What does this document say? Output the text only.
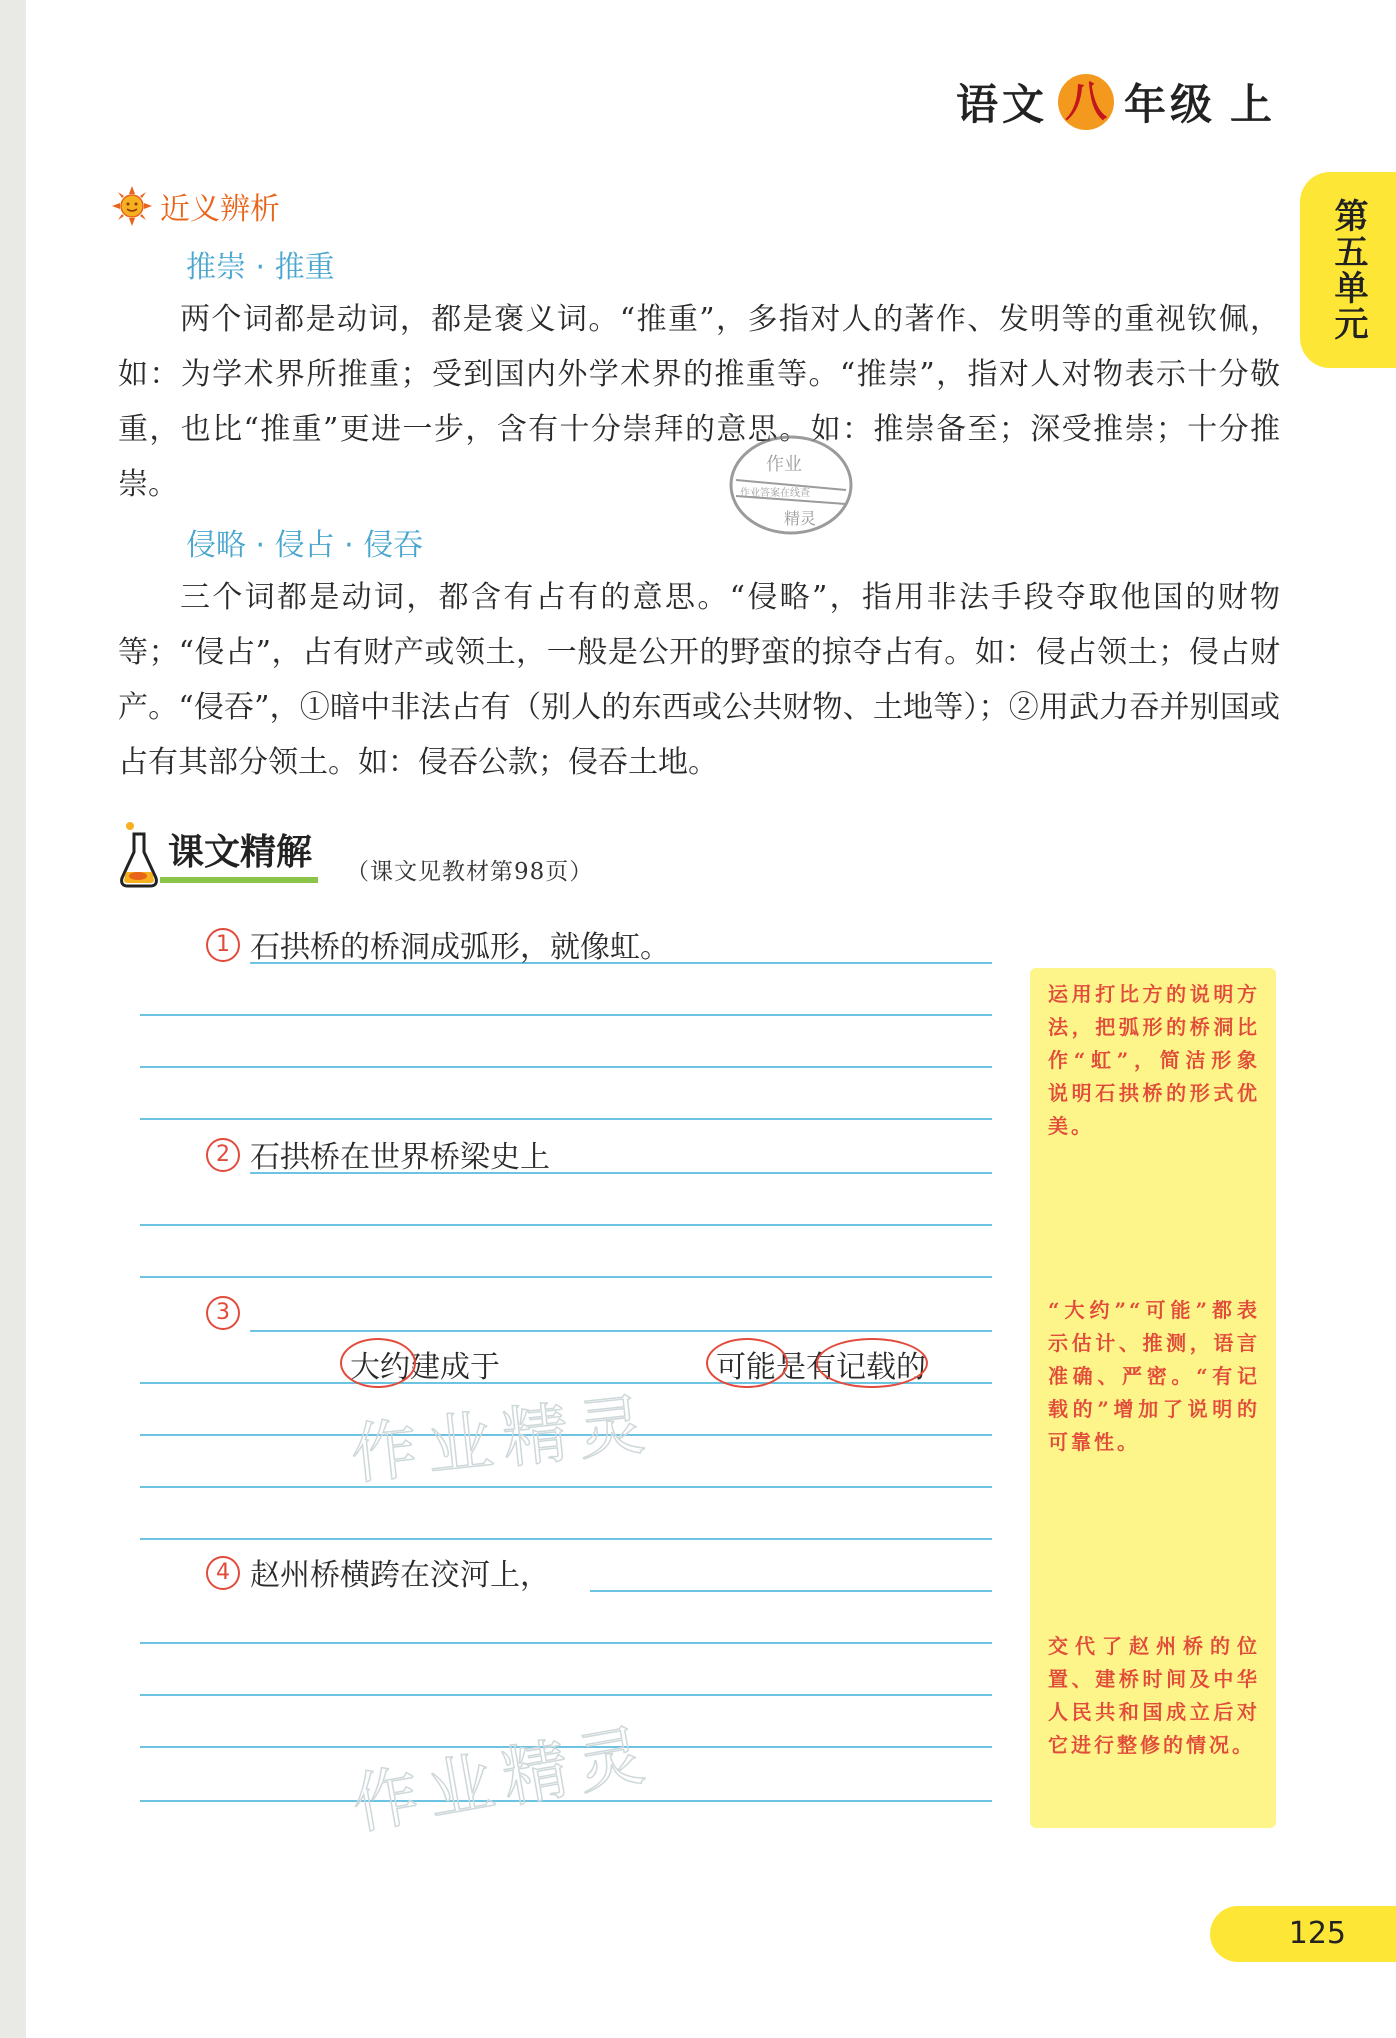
语文 八 年级 上
第五单元
近义辨析
推崇 · 推重

两个词都是动词，都是褒义词。“推重”，多指对人的著作、发明等的重视钦佩，如：为学术界所推重；受到国内外学术界的推重等。“推崇”，指对人对物表示十分敬重，也比“推重”更进一步，含有十分崇拜的意思。如：推崇备至；深受推崇；十分推崇。

作业
作业答案在线查
精灵
侵略 · 侵占 · 侵吞

三个词都是动词，都含有占有的意思。“侵略”，指用非法手段夺取他国的财物等；“侵占”，占有财产或领土，一般是公开的野蛮的掠夺占有。如：侵占领土；侵占财产。“侵吞”，①暗中非法占有（别人的东西或公共财物、土地等）；②用武力吞并别国或占有其部分领土。如：侵吞公款；侵吞土地。

课文精解 （课文见教材第98页）
1 石拱桥的桥洞成弧形，就像虹。
2 石拱桥在世界桥梁史上
3
大约建成于	可能是有记载的
4 赵州桥横跨在洨河上，
作业精灵
作业精灵

运用打比方的说明方法，把弧形的桥洞比作“虹”，简洁形象说明石拱桥的形式优美。

“大约”“可能”都表示估计、推测，语言准确、严密。“有记载的”增加了说明的可靠性。

交代了赵州桥的位置、建桥时间及中华人民共和国成立后对它进行整修的情况。

125
